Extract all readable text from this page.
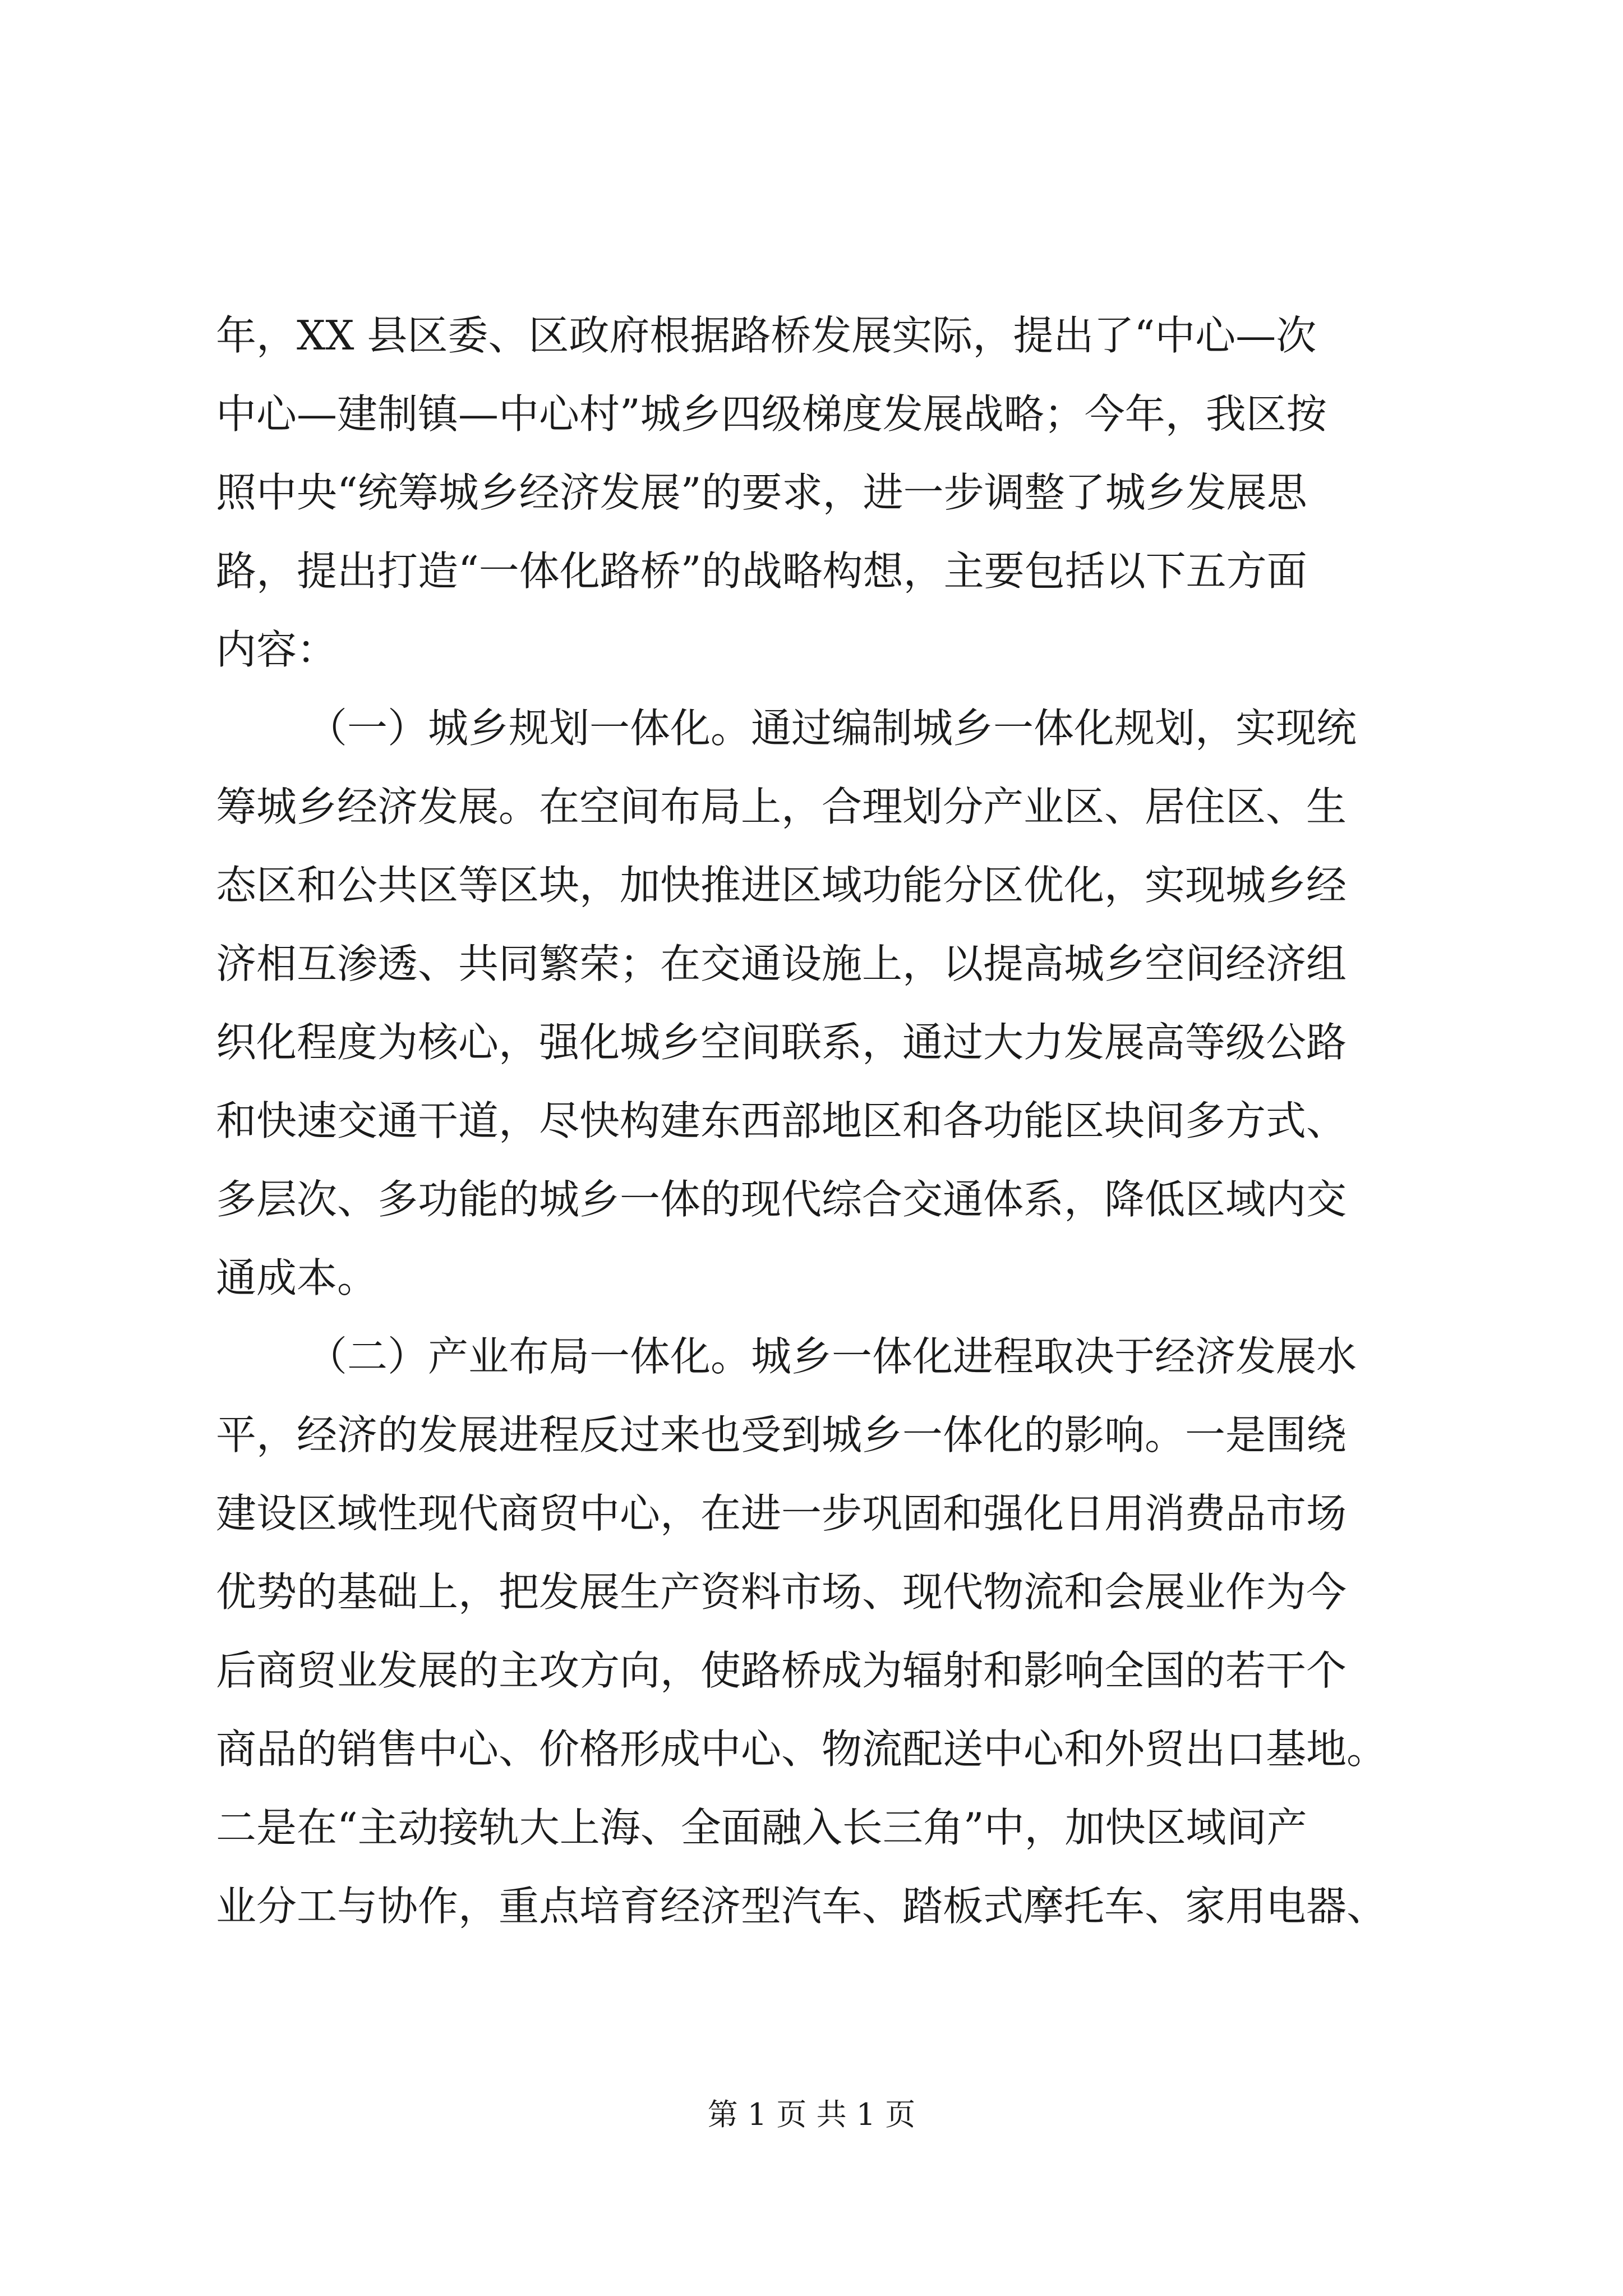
年，XX 县区委、区政府根据路桥发展实际，提出了“中心—次
中心—建制镇—中心村”城乡四级梯度发展战略；今年，我区按
照中央“统筹城乡经济发展”的要求，进一步调整了城乡发展思
路，提出打造“一体化路桥”的战略构想，主要包括以下五方面
内容：
（一）城乡规划一体化。通过编制城乡一体化规划，实现统
筹城乡经济发展。在空间布局上，合理划分产业区、居住区、生
态区和公共区等区块，加快推进区域功能分区优化，实现城乡经
济相互渗透、共同繁荣；在交通设施上，以提高城乡空间经济组
织化程度为核心，强化城乡空间联系，通过大力发展高等级公路
和快速交通干道，尽快构建东西部地区和各功能区块间多方式、
多层次、多功能的城乡一体的现代综合交通体系，降低区域内交
通成本。
（二）产业布局一体化。城乡一体化进程取决于经济发展水
平，经济的发展进程反过来也受到城乡一体化的影响。一是围绕
建设区域性现代商贸中心，在进一步巩固和强化日用消费品市场
优势的基础上，把发展生产资料市场、现代物流和会展业作为今
后商贸业发展的主攻方向，使路桥成为辐射和影响全国的若干个
商品的销售中心、价格形成中心、物流配送中心和外贸出口基地。
二是在“主动接轨大上海、全面融入长三角”中，加快区域间产
业分工与协作，重点培育经济型汽车、踏板式摩托车、家用电器、
第 1 页 共 1 页
